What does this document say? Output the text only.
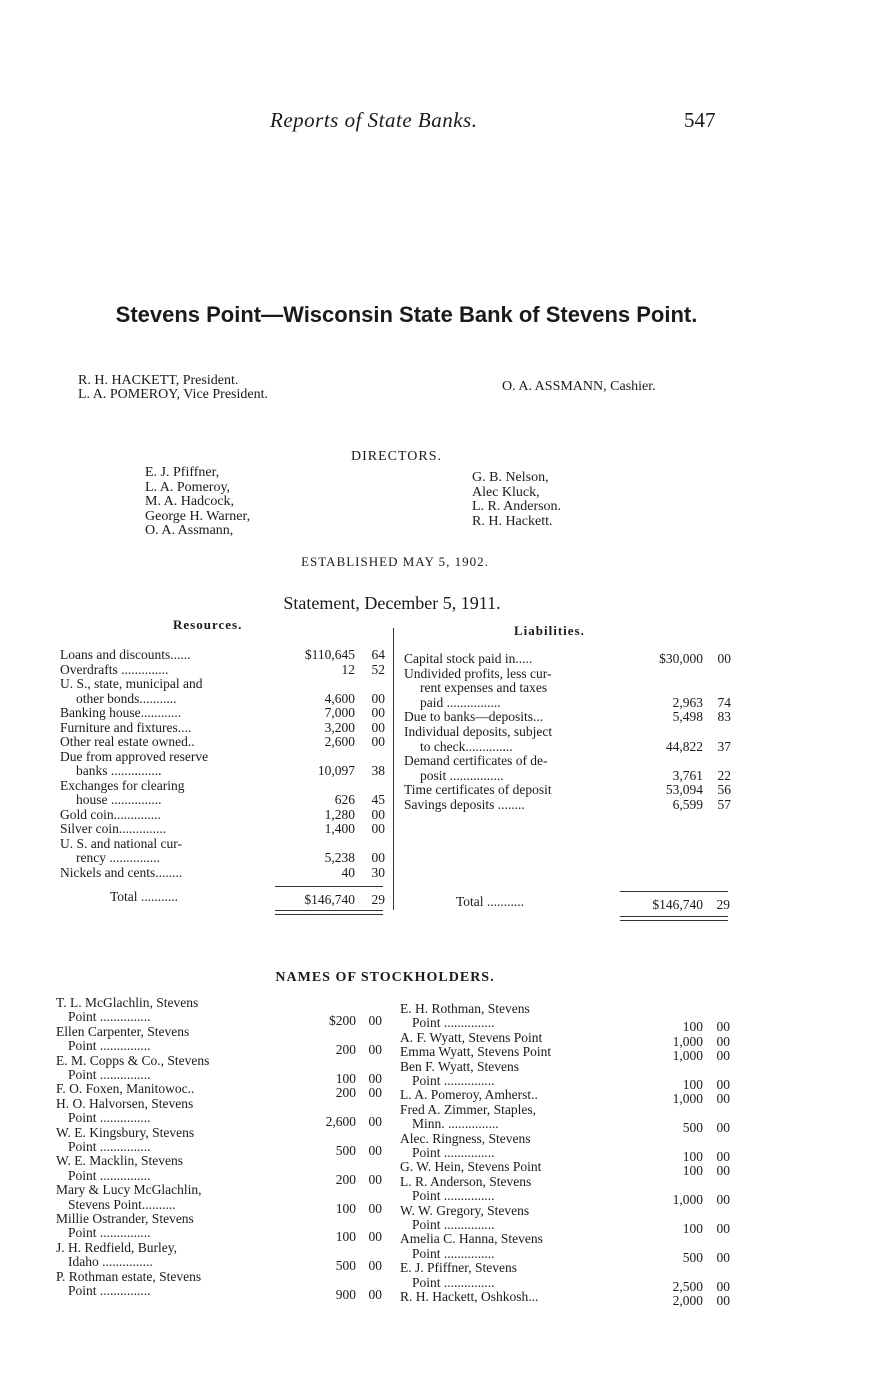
Reports of State Banks.	547
Stevens Point—Wisconsin State Bank of Stevens Point.
R. H. HACKETT, President.
L. A. POMEROY, Vice President.
O. A. ASSMANN, Cashier.
DIRECTORS.
E. J. Pfiffner,
L. A. Pomeroy,
M. A. Hadcock,
George H. Warner,
O. A. Assmann,
G. B. Nelson,
Alec Kluck,
L. R. Anderson.
R. H. Hackett.
ESTABLISHED MAY 5, 1902.
Statement, December 5, 1911.
Resources.	Liabilities.
Loans and discounts......	$110,645	64
Overdrafts ..............	12	52
U. S., state, municipal and
other bonds...........	4,600	00
Banking house............	7,000	00
Furniture and fixtures....	3,200	00
Other real estate owned..	2,600	00
Due from approved reserve
banks ...............	10,097	38
Exchanges for clearing
house ...............	626	45
Gold coin..............	1,280	00
Silver coin..............	1,400	00
U. S. and national cur-
rency ...............	5,238	00
Nickels and cents........	40	30
Capital stock paid in.....	$30,000	00
Undivided profits, less cur-
rent expenses and taxes
paid ................	2,963	74
Due to banks—deposits...	5,498	83
Individual deposits, subject
to check..............	44,822	37
Demand certificates of de-
posit ................	3,761	22
Time certificates of deposit	53,094	56
Savings deposits ........	6,599	57
Total ...........	$146,740	29	Total ...........	$146,740	29
NAMES OF STOCKHOLDERS.
T. L. McGlachlin, Stevens
Point ...............	$200 00
Ellen Carpenter, Stevens
Point ...............	200 00
E. M. Copps & Co., Stevens
Point ...............	100 00
F. O. Foxen, Manitowoc..	200 00
H. O. Halvorsen, Stevens
Point ...............	2,600 00
W. E. Kingsbury, Stevens
Point ...............	500 00
W. E. Macklin, Stevens
Point ...............	200 00
Mary & Lucy McGlachlin,
Stevens Point..........	100 00
Millie Ostrander, Stevens
Point ...............	100 00
J. H. Redfield, Burley,
Idaho ...............	500 00
P. Rothman estate, Stevens
Point ...............	900 00
E. H. Rothman, Stevens
Point ...............	100	00
A. F. Wyatt, Stevens Point	1,000	00
Emma Wyatt, Stevens Point	1,000	00
Ben F. Wyatt, Stevens
Point ...............	100	00
L. A. Pomeroy, Amherst..	1,000	00
Fred A. Zimmer, Staples,
Minn. ...............	500	00
Alec. Ringness, Stevens
Point ...............	100	00
G. W. Hein, Stevens Point	100	00
L. R. Anderson, Stevens
Point ...............	1,000	00
W. W. Gregory, Stevens
Point ...............	100	00
Amelia C. Hanna, Stevens
Point ...............	500	00
E. J. Pfiffner, Stevens
Point ...............	2,500	00
R. H. Hackett, Oshkosh...	2,000	00
